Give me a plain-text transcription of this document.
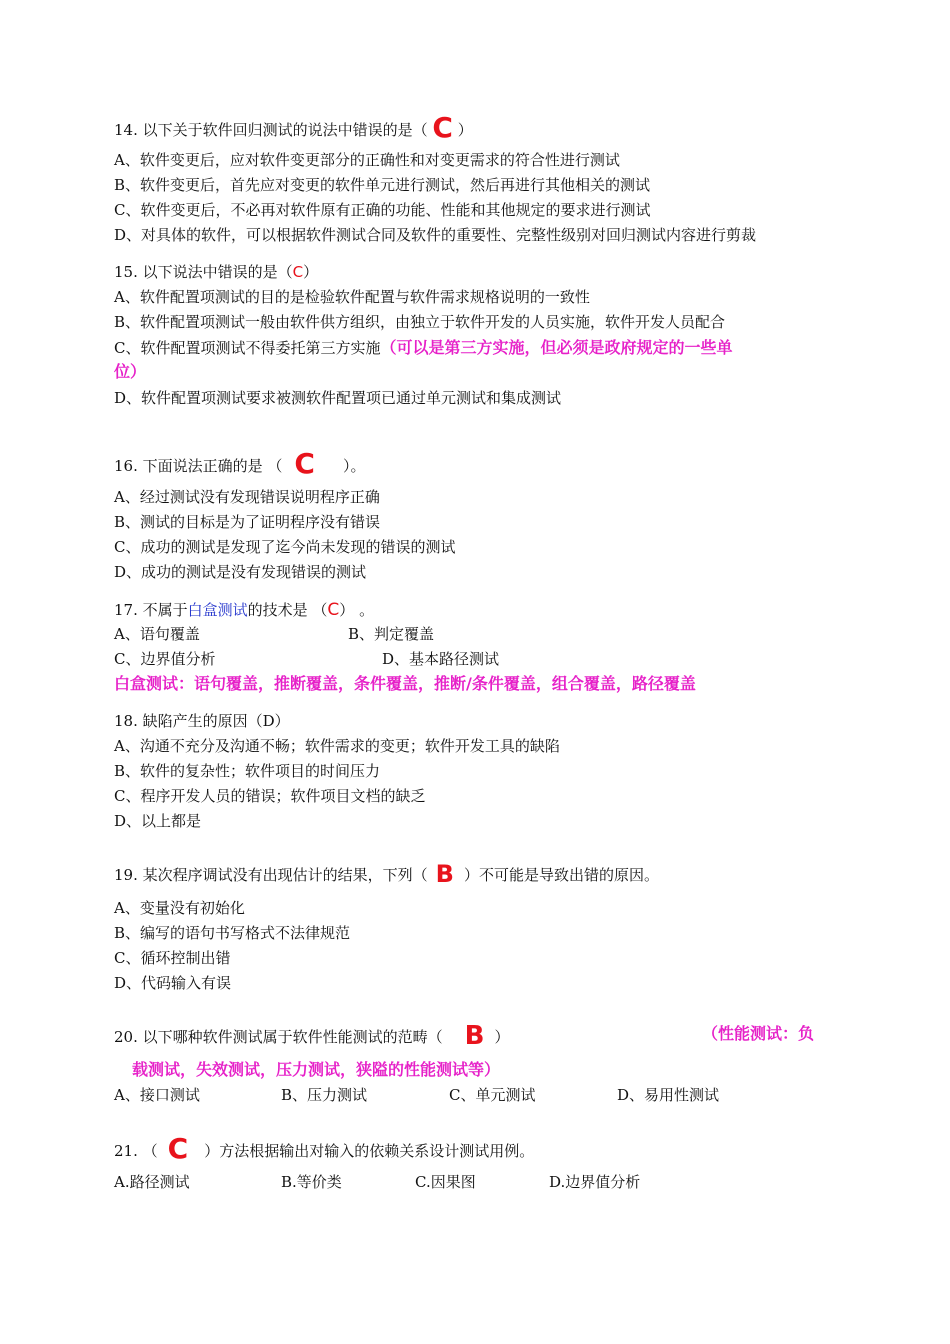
14. 以下关于软件回归测试的说法中错误的是（ C ）
A、软件变更后，应对软件变更部分的正确性和对变更需求的符合性进行测试
B、软件变更后，首先应对变更的软件单元进行测试，然后再进行其他相关的测试
C、软件变更后，不必再对软件原有正确的功能、性能和其他规定的要求进行测试
D、对具体的软件，可以根据软件测试合同及软件的重要性、完整性级别对回归测试内容进行剪裁
15. 以下说法中错误的是（C）
A、软件配置项测试的目的是检验软件配置与软件需求规格说明的一致性
B、软件配置项测试一般由软件供方组织，由独立于软件开发的人员实施，软件开发人员配合
C、软件配置项测试不得委托第三方实施（可以是第三方实施，但必须是政府规定的一些单
位）
D、软件配置项测试要求被测软件配置项已通过单元测试和集成测试
16. 下面说法正确的是 （ C ）。
A、经过测试没有发现错误说明程序正确
B、测试的目标是为了证明程序没有错误
C、成功的测试是发现了迄今尚未发现的错误的测试
D、成功的测试是没有发现错误的测试
17. 不属于白盒测试的技术是 （C） 。
A、语句覆盖	B、判定覆盖
C、边界值分析	D、基本路径测试
白盒测试：语句覆盖，推断覆盖，条件覆盖，推断/条件覆盖，组合覆盖，路径覆盖
18. 缺陷产生的原因（D）
A、沟通不充分及沟通不畅；软件需求的变更；软件开发工具的缺陷
B、软件的复杂性；软件项目的时间压力
C、程序开发人员的错误；软件项目文档的缺乏
D、以上都是
19. 某次程序调试没有出现估计的结果，下列（ B ）不可能是导致出错的原因。
A、变量没有初始化
B、编写的语句书写格式不法律规范
C、循环控制出错
D、代码输入有误
20. 以下哪种软件测试属于软件性能测试的范畴（ B ）	（性能测试：负
载测试，失效测试，压力测试，狭隘的性能测试等）
A、接口测试	B、压力测试	C、单元测试	D、易用性测试
21. （ C ）方法根据输出对输入的依赖关系设计测试用例。
A.路径测试	B.等价类	C.因果图	D.边界值分析
